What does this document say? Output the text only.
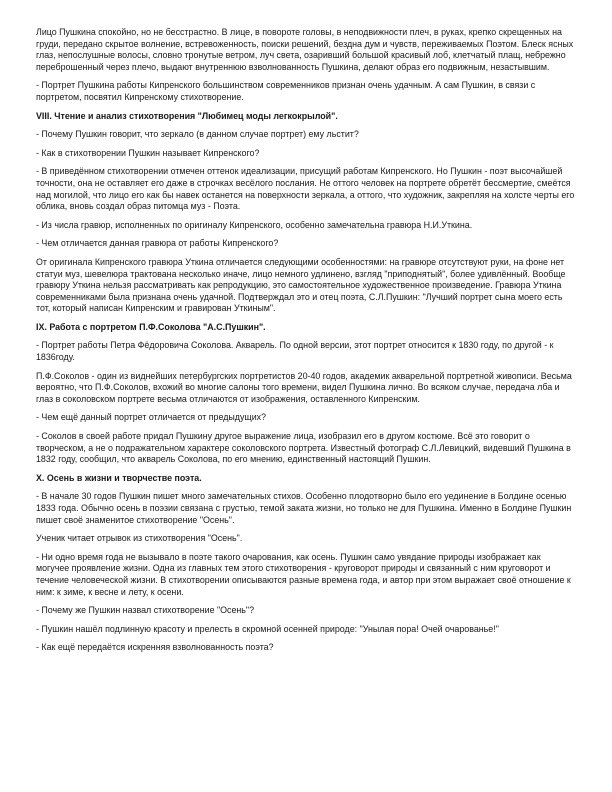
Лицо Пушкина спокойно, но не бесстрастно. В лице, в повороте головы, в неподвижности плеч, в руках, крепко скрещенных на груди, передано скрытое волнение, встревоженность, поиски решений, бездна дум и чувств, переживаемых Поэтом. Блеск ясных глаз, непослушные волосы, словно тронутые ветром, луч света, озаривший большой красивый лоб, клетчатый плащ, небрежно переброшенный через плечо, выдают внутреннюю взволнованность Пушкина, делают образ его подвижным, незастывшим.

- Портрет Пушкина работы Кипренского большинством современников признан очень удачным. А сам Пушкин, в связи с портретом, посвятил Кипренскому стихотворение.

VIII. Чтение и анализ стихотворения "Любимец моды легкокрылой".

- Почему Пушкин говорит, что зеркало (в данном случае портрет) ему льстит?

- Как в стихотворении Пушкин называет Кипренского?

- В приведённом стихотворении отмечен оттенок идеализации, присущий работам Кипренского. Но Пушкин - поэт высочайшей точности, она не оставляет его даже в строчках весёлого послания. Не оттого человек на портрете обретёт бессмертие, смеётся над могилой, что лицо его как бы навек останется на поверхности зеркала, а оттого, что художник, закрепляя на холсте черты его облика, вновь создал образ питомца муз - Поэта.

- Из числа гравюр, исполненных по оригиналу Кипренского, особенно замечательна гравюра Н.И.Уткина.

- Чем отличается данная гравюра от работы Кипренского?

От оригинала Кипренского гравюра Уткина отличается следующими особенностями: на гравюре отсутствуют руки, на фоне нет статуи муз, шевелюра трактована несколько иначе, лицо немного удлинено, взгляд "приподнятый", более удивлённый. Вообще гравюру Уткина нельзя рассматривать как репродукцию, это самостоятельное художественное произведение. Гравюра Уткина современниками была признана очень удачной. Подтверждал это и отец поэта, С.Л.Пушкин: "Лучший портрет сына моего есть тот, который написан Кипренским и гравирован Уткиным".

IX. Работа с портретом П.Ф.Соколова "А.С.Пушкин".

- Портрет работы Петра Фёдоровича Соколова. Акварель. По одной версии, этот портрет относится к 1830 году, по другой - к 1836году.

П.Ф.Соколов - один из виднейших петербургских портретистов 20-40 годов, академик акварельной портретной живописи. Весьма вероятно, что П.Ф.Соколов, вхожий во многие салоны того времени, видел Пушкина лично. Во всяком случае, передача лба и глаз в соколовском портрете весьма отличаются от изображения, оставленного Кипренским.

- Чем ещё данный портрет отличается от предыдущих?

- Соколов в своей работе придал Пушкину другое выражение лица, изобразил его в другом костюме. Всё это говорит о творческом, а не о подражательном характере соколовского портрета. Известный фотограф С.Л.Левицкий, видевший Пушкина в 1832 году, сообщил, что акварель Соколова, по его мнению, единственный настоящий Пушкин.

X. Осень в жизни и творчестве поэта.

- В начале 30 годов Пушкин пишет много замечательных стихов. Особенно плодотворно было его уединение в Болдине осенью 1833 года. Обычно осень в поэзии связана с грустью, темой заката жизни, но только не для Пушкина. Именно в Болдине Пушкин пишет своё знаменитое стихотворение "Осень".

Ученик читает отрывок из стихотворения "Осень".

- Ни одно время года не вызывало в поэте такого очарования, как осень. Пушкин само увядание природы изображает как могучее проявление жизни. Одна из главных тем этого стихотворения - круговорот природы и связанный с ним круговорот и течение человеческой жизни. В стихотворении описываются разные времена года, и автор при этом выражает своё отношение к ним: к зиме, к весне и лету, к осени.

- Почему же Пушкин назвал стихотворение "Осень"?

- Пушкин нашёл подлинную красоту и прелесть в скромной осенней природе: "Унылая пора! Очей очарованье!"

- Как ещё передаётся искренняя взволнованность поэта?
